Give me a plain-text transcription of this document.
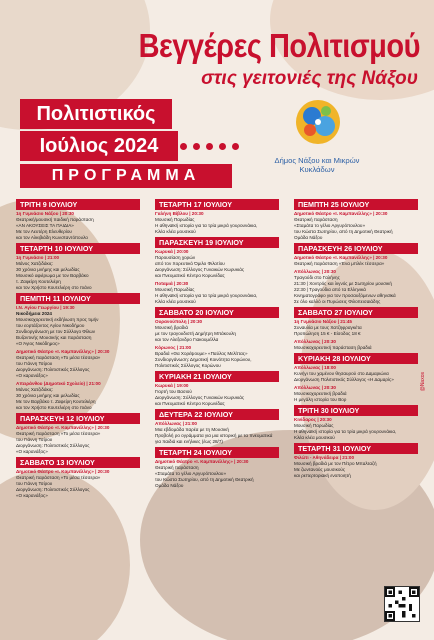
Βεγγέρες Πολιτισμού
στις γειτονιές της Νάξου
Πολιτιστικός
Ιούλιος 2024
ΠΡΟΓΡΑΜΜΑ
Δήμος Νάξου και Μικρών Κυκλάδων
@Naxos
ΤΡΙΤΗ 9 ΙΟΥΛΙΟΥ
1η Γυμνάσιο Νάξου | 20:30
Θεατρική/μουσική παιδική παράσταση
«ΑΝ ΑΚΟΥΣΕΙΣ ΤΑ ΠΑΙΔΙΑ»
Με τον Λευτέρη Ελευθερίου
και τον Αλκιβιάδη Κωνσταντόπουλο
ΤΕΤΑΡΤΗ 10 ΙΟΥΛΙΟΥ
1η Γυμνάσιο | 21:00
Μάνος Χατζιδάκις:
30 χρόνια μνήμης και μελωδίας
Μουσικό αφιέρωμα με τον Βαρβάκο
τ. Ζαφείρη Κουτελιέρη
και τον Χρήστο Κουτελιέρη στο πιάνο
ΠΕΜΠΤΗ 11 ΙΟΥΛΙΟΥ
Ι.Ν. Αγίου Γεωργίου | 19:30
Νικοδήμεια 2024
Μουσικοχορευτική εκδήλωση προς τιμήν
του εορτάζοντος Αγίου Νικοδήμου
Συνδιοργάνωση με τον Σύλλογο Φίλων
Βυζαντινής Μουσικής και παράσταση
«Ο Άγιος Νικόδημος»
Δημοτικό Θέατρο «Ι. Καμπανέλλης» | 20:30
Θεατρική παράσταση «Το μέσα τέσσερα»
του Γιάννη Τσίρου
Διοργάνωση: Πολιτιστικός Σύλλογος
«Ο καρανάξος»
Απειράνθου (Δημοτικό Σχολείο) | 21:00
Μάνος Χατζιδάκις:
30 χρόνια μνήμης και μελωδίας
Με τον Βαρβάκο τ. Ζαφείρη Κουτελιέρη
και τον Χρήστο Κουτελιέρη στο πιάνο
ΠΑΡΑΣΚΕΥΗ 12 ΙΟΥΛΙΟΥ
Δημοτικό Θέατρο «Ι. Καμπανέλλης» | 20:30
Θεατρική παράσταση «Το μέσα τέσσερα»
του Γιάννη Τσίρου
Διοργάνωση: Πολιτιστικός Σύλλογος
«Ο καρανάξος»
ΣΑΒΒΑΤΟ 13 ΙΟΥΛΙΟΥ
Δημοτικό Θέατρο «Ι. Καμπανέλλης» | 20:30
Θεατρική παράσταση «Το μέσα τέσσερα»
του Γιάννη Τσίρου
Διοργάνωση: Πολιτιστικός Σύλλογος
«Ο καρανάξος»
ΤΕΤΑΡΤΗ 17 ΙΟΥΛΙΟΥ
Γαλήνη Βίβλου | 20:30
Μουσική Παρωδίας
Η αθηναϊκή ιστορία για τα τρία μικρά γουρουνάκια,
Κλέα κλέα μουσικού
ΠΑΡΑΣΚΕΥΗ 19 ΙΟΥΛΙΟΥ
Κωρυκά | 20:00
Παρουσίαση χορών
από τον Χορευτικό Όμιλο Φιλοτίου
Διοργάνωση: Σύλλογος Γυναικών Κωρυκιάς
και Πνευματικό Κέντρο Κορωνίδας
Ποταμιά | 20:30
Μουσική Παρωδίας
Η αθηναϊκή ιστορία για τα τρία μικρά γουρουνάκια,
Κλέα κλέα μουσικού
ΣΑΒΒΑΤΟ 20 ΙΟΥΛΙΟΥ
Ουρανούπολη | 20:30
Μουσική βραδιά
με τον τραγουδιστή Δημήτρη Μπάκουλη
και τον Αλεξανδρο Γιακουμέλλα
Κόρωνος | 21:00
Βραδιά «Θα Χορέψουμε» «Παύλος Μελίττας»
Συνδιοργάνωση: Δημοτική Κοινότητα Κορώνου,
Πολιτιστικός Σύλλογος Κορώνου
ΚΥΡΙΑΚΗ 21 ΙΟΥΛΙΟΥ
Κωρυκά | 19:00
Γιορτή του Βασιού
Διοργάνωση: Σύλλογος Γυναικών Κωρυκιάς
και Πνευματικό Κέντρο Κορωνίδας
ΔΕΥΤΕΡΑ 22 ΙΟΥΛΙΟΥ
Απόλλωνας | 21:00
Μια εβδομάδα παρέα με τη Μουσική
Προβολή ρο ογράμματα για μια ιστορική με τα πνευματικά
για παιδιά και ενήλικες (έως 28/7)
ΤΕΤΑΡΤΗ 24 ΙΟΥΛΙΟΥ
Δημοτικό Θέατρο «Ι. Καμπανέλλης» | 20:30
Θεατρική παράσταση
«Σταμάτα το γέλιο Αργυρόπουλου»
του Κώστα Σωτηρίου, από τη Δημοτική Θεατρική
Ομάδα Νάξου
ΠΕΜΠΤΗ 25 ΙΟΥΛΙΟΥ
Δημοτικό Θέατρο «Ι. Καμπανέλλης» | 20:30
Θεατρική παράσταση
«Σταμάτα το γέλιο Αργυρόπουλου»
του Κώστα Σωτηρίου, από τη Δημοτική Θεατρική
Ομάδα Νάξου
ΠΑΡΑΣΚΕΥΗ 26 ΙΟΥΛΙΟΥ
Δημοτικό Θέατρο «Ι. Καμπανέλλης» | 20:30
Θεατρική παράσταση «Ένα μπλέκ τέσσερα»
Απόλλωνας | 20:30
Τραγούδι στο Γαλήνης
21:30 | Χοντρός και λιγνός με Σωτηρίου μουσική
22:30 | Τραγούδια από τα Ελληνικά
Κινηματογράφο για τον προσαυξόμενων αθηναϊκά
Σε όλο καλλό οι Πυρώσεις Φιλοπεισαιάδης
ΣΑΒΒΑΤΟ 27 ΙΟΥΛΙΟΥ
1η Γυμνάσιο Νάξου | 21:45
Συναυλία με τους Χατζηφραγκέτα
Προπώληση 15 € - Είσοδος 18 €
Απόλλωνας | 20:30
Μουσικοχορευτική παράσταση βραδιά
ΚΥΡΙΑΚΗ 28 ΙΟΥΛΙΟΥ
Απόλλωνας | 18:00
Κυνήγι του χαμένου θησαυρού στο Δαμαριώνα
Διοργάνωση Πολιτιστικός Σύλλογος «Η Δαμαρίς»
Απόλλωνας | 20:30
Μουσικοχορευτική βραδιά
Η μεγάλη ιστορία του Βορ
ΤΡΙΤΗ 30 ΙΟΥΛΙΟΥ
Κινίδαρος | 20:30
Μουσική Παρωδίας
Η αθηναϊκή ιστορία για τα τρία μικρά γουρουνάκια,
Κλέα κλέα μουσικού
ΤΕΤΑΡΤΗ 31 ΙΟΥΛΙΟΥ
Φιλώτι - Αθηνάδειρα | 21:00
Μουσική βραδιά με τον Πέτρο Μπαλταζή
Με ζωντανούς μουσικούς
και ρεπερτοριακή ενοποιητή
